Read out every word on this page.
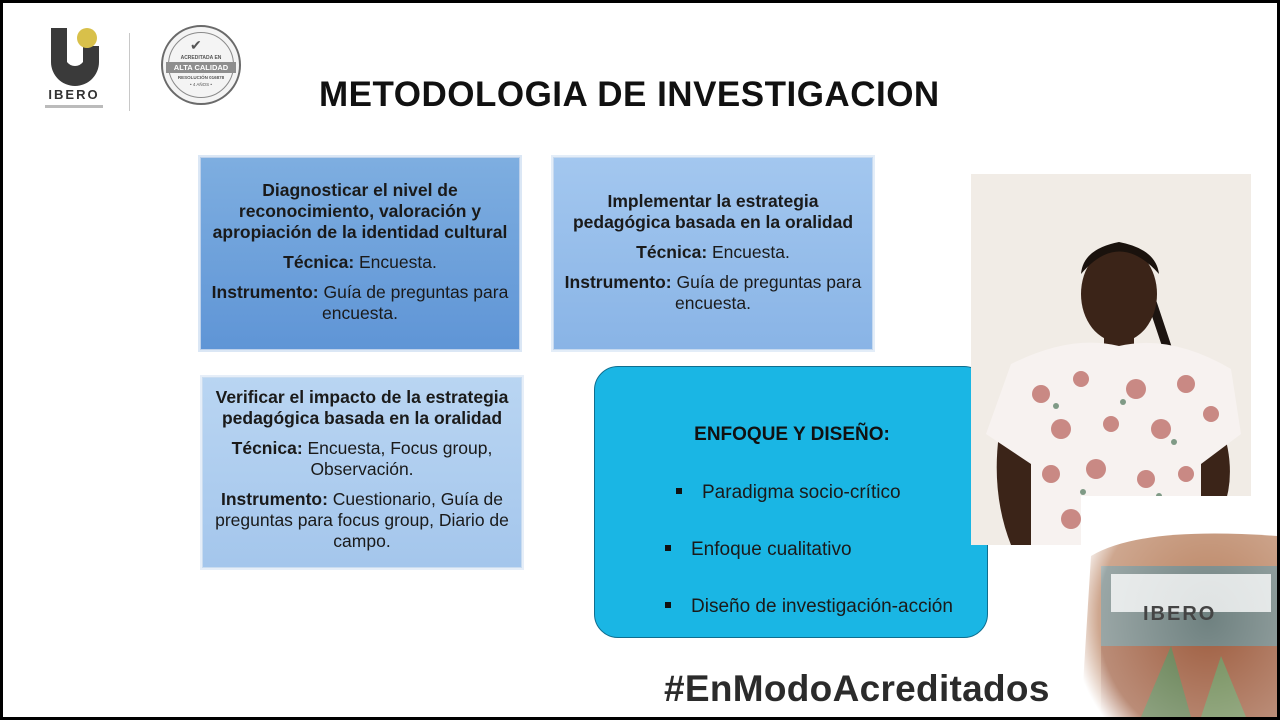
IBERO
✔
ACREDITADA EN
ALTA CALIDAD
RESOLUCIÓN 016878
• 4 AÑOS •	METODOLOGIA DE INVESTIGACION

Diagnosticar el nivel de

reconocimiento, valoración y

apropiación de la identidad cultural

Técnica: Encuesta.

Instrumento: Guía de preguntas para

encuesta.

Implementar la estrategia

pedagógica basada en la oralidad

Técnica: Encuesta.

Instrumento: Guía de preguntas para

encuesta.

Verificar el impacto de la estrategia

pedagógica basada en la oralidad

Técnica: Encuesta, Focus group,

Observación.

Instrumento: Cuestionario, Guía de

preguntas para focus group, Diario de

campo.

ENFOQUE Y DISEÑO:
Paradigma socio-crítico
Enfoque cualitativo
Diseño de investigación-acción	IBERO
#EnModoAcreditados
